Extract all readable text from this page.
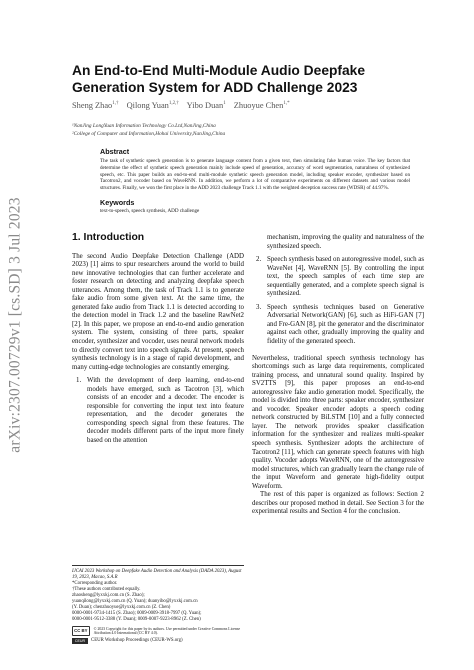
arXiv:2307.00729v1 [cs.SD] 3 Jul 2023
An End-to-End Multi-Module Audio Deepfake Generation System for ADD Challenge 2023
Sheng Zhao$^{1,\dagger}$ Qilong Yuan$^{1,2,\dagger}$ Yibo Duan$^1$ Zhuoyue Chen$^{1,*}$
¹NanJing LongYuan Information Technology Co.Ltd,NanJing,China
²College of Computer and Information,Hohai University,NanJing,China
Abstract
The task of synthetic speech generation is to generate language content from a given text, then simulating fake human voice. The key factors that determine the effect of synthetic speech generation mainly include speed of generation, accuracy of word segmentation, naturalness of synthesized speech, etc. This paper builds an end-to-end multi-module synthetic speech generation model, including speaker encoder, synthesizer based on Tacotron2, and vocoder based on WaveRNN. In addition, we perform a lot of comparative experiments on different datasets and various model structures. Finally, we won the first place in the ADD 2023 challenge Track 1.1 with the weighted deception success rate (WDSR) of 44.97%.
Keywords
text-to-speech, speech synthesis, ADD challenge
1. Introduction

The second Audio Deepfake Detection Challenge (ADD 2023) [1] aims to spur researchers around the world to build new innovative technologies that can further accelerate and foster research on detecting and analyzing deepfake speech utterances. Among them, the task of Track 1.1 is to generate fake audio from some given text. At the same time, the generated fake audio from Track 1.1 is detected according to the detection model in Track 1.2 and the baseline RawNet2 [2]. In this paper, we propose an end-to-end audio generation system. The system, consisting of three parts, speaker encoder, synthesizer and vocoder, uses neural network models to directly convert text into speech signals. At present, speech synthesis technology is in a stage of rapid development, and many cutting-edge technologies are constantly emerging.

1. With the development of deep learning, end-to-end models have emerged, such as Tacotron [3], which consists of an encoder and a decoder. The encoder is responsible for converting the input text into feature representation, and the decoder generates the corresponding speech signal from these features. The decoder models different parts of the input more finely based on the attention

mechanism, improving the quality and naturalness of the synthesized speech.

2. Speech synthesis based on autoregressive model, such as WaveNet [4], WaveRNN [5]. By controlling the input text, the speech samples of each time step are sequentially generated, and a complete speech signal is synthesized.
3. Speech synthesis techniques based on Generative Adversarial Network(GAN) [6], such as HiFi-GAN [7] and Fre-GAN [8], pit the generator and the discriminator against each other, gradually improving the quality and fidelity of the generated speech.

Nevertheless, traditional speech synthesis technology has shortcomings such as large data requirements, complicated training process, and unnatural sound quality. Inspired by SV2TTS [9], this paper proposes an end-to-end autoregressive fake audio generation model. Specifically, the model is divided into three parts: speaker encoder, synthesizer and vocoder. Speaker encoder adopts a speech coding network constructed by BiLSTM [10] and a fully connected layer. The network provides speaker classification information for the synthesizer and realizes multi-speaker speech synthesis. Synthesizer adopts the architecture of Tacotron2 [11], which can generate speech features with high quality. Vocoder adopts WaveRNN, one of the autoregressive model structures, which can gradually learn the change rule of the input Waveform and generate high-fidelity output Waveform.

The rest of this paper is organized as follows: Section 2 describes our proposed method in detail. See Section 3 for the experimental results and Section 4 for the conclusion.

IJCAI 2023 Workshop on Deepfake Audio Detection and Analysis (DADA 2023), August 19, 2023, Macao, S.A.R
*Corresponding author.
†These authors contributed equally.
zhaosheng@lyxxkj.com.cn (S. Zhao);
yuanqilong@lyxxkj.com.cn (Q. Yuan); duanyibo@lyxxkj.com.cn
(Y. Duan); chenzhuoyue@lyxxkj.com.cn (Z. Chen)
0000-0001-9734-1415 (S. Zhao); 0009-0009-3918-7997 (Q. Yuan);
0000-0001-9512-3388 (Y. Duan); 0009-0007-9223-8962 (Z. Chen)
CC BY © 2023 Copyright for this paper by its authors. Use permitted under Creative Commons License Attribution 4.0 International (CC BY 4.0).
CEUR CEUR Workshop Proceedings (CEUR-WS.org)
